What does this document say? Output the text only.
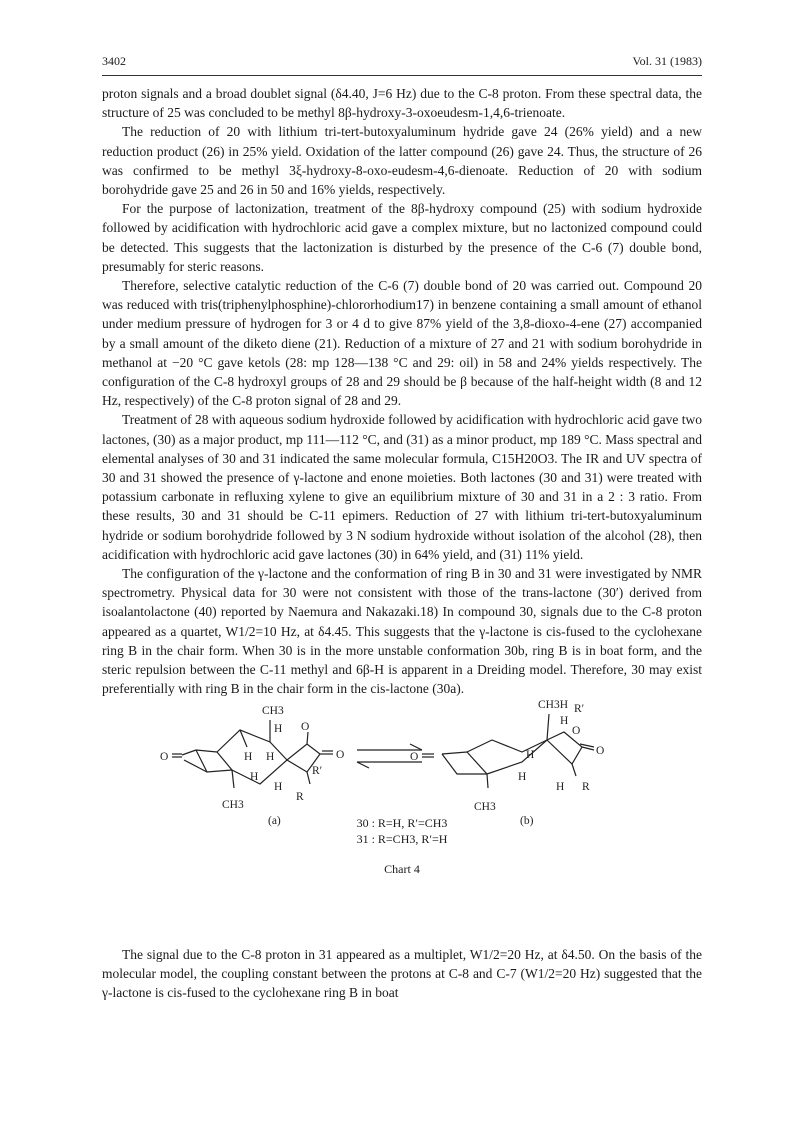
3402	Vol. 31 (1983)

proton signals and a broad doublet signal (δ4.40, J=6 Hz) due to the C-8 proton. From these spectral data, the structure of 25 was concluded to be methyl 8β-hydroxy-3-oxoeudesm-1,4,6-trienoate.

The reduction of 20 with lithium tri-tert-butoxyaluminum hydride gave 24 (26% yield) and a new reduction product (26) in 25% yield. Oxidation of the latter compound (26) gave 24. Thus, the structure of 26 was confirmed to be methyl 3ξ-hydroxy-8-oxo-eudesm-4,6-dienoate. Reduction of 20 with sodium borohydride gave 25 and 26 in 50 and 16% yields, respectively.

For the purpose of lactonization, treatment of the 8β-hydroxy compound (25) with sodium hydroxide followed by acidification with hydrochloric acid gave a complex mixture, but no lactonized compound could be detected. This suggests that the lactonization is disturbed by the presence of the C-6 (7) double bond, presumably for steric reasons.

Therefore, selective catalytic reduction of the C-6 (7) double bond of 20 was carried out. Compound 20 was reduced with tris(triphenylphosphine)-chlororhodium17) in benzene containing a small amount of ethanol under medium pressure of hydrogen for 3 or 4 d to give 87% yield of the 3,8-dioxo-4-ene (27) accompanied by a small amount of the diketo diene (21). Reduction of a mixture of 27 and 21 with sodium borohydride in methanol at −20 °C gave ketols (28: mp 128—138 °C and 29: oil) in 58 and 24% yields respectively. The configuration of the C-8 hydroxyl groups of 28 and 29 should be β because of the half-height width (8 and 12 Hz, respectively) of the C-8 proton signal of 28 and 29.

Treatment of 28 with aqueous sodium hydroxide followed by acidification with hydrochloric acid gave two lactones, (30) as a major product, mp 111—112 °C, and (31) as a minor product, mp 189 °C. Mass spectral and elemental analyses of 30 and 31 indicated the same molecular formula, C15H20O3. The IR and UV spectra of 30 and 31 showed the presence of γ-lactone and enone moieties. Both lactones (30 and 31) were treated with potassium carbonate in refluxing xylene to give an equilibrium mixture of 30 and 31 in a 2 : 3 ratio. From these results, 30 and 31 should be C-11 epimers. Reduction of 27 with lithium tri-tert-butoxyaluminum hydride or sodium borohydride followed by 3 N sodium hydroxide without isolation of the alcohol (28), then acidification with hydrochloric acid gave lactones (30) in 64% yield, and (31) 11% yield.

The configuration of the γ-lactone and the conformation of ring B in 30 and 31 were investigated by NMR spectrometry. Physical data for 30 were not consistent with those of the trans-lactone (30′) derived from isoalantolactone (40) reported by Naemura and Nakazaki.18) In compound 30, signals due to the C-8 proton appeared as a quartet, W1/2=10 Hz, at δ4.45. This suggests that the γ-lactone is cis-fused to the cyclohexane ring B in the chair form. When 30 is in the more unstable conformation 30b, ring B is in boat form, and the steric repulsion between the C-11 methyl and 6β-H is apparent in a Dreiding model. Therefore, 30 may exist preferentially with ring B in the chair form in the cis-lactone (30a).

CH3
H O
O
O	H H
H
H
R′
R
CH3
CH3H
H
R′
O
O
O	H
H
H R
CH3
(a)	(b)
30 : R=H, R′=CH3
31 : R=CH3, R′=H
Chart 4

The signal due to the C-8 proton in 31 appeared as a multiplet, W1/2=20 Hz, at δ4.50. On the basis of the molecular model, the coupling constant between the protons at C-8 and C-7 (W1/2=20 Hz) suggested that the γ-lactone is cis-fused to the cyclohexane ring B in boat
